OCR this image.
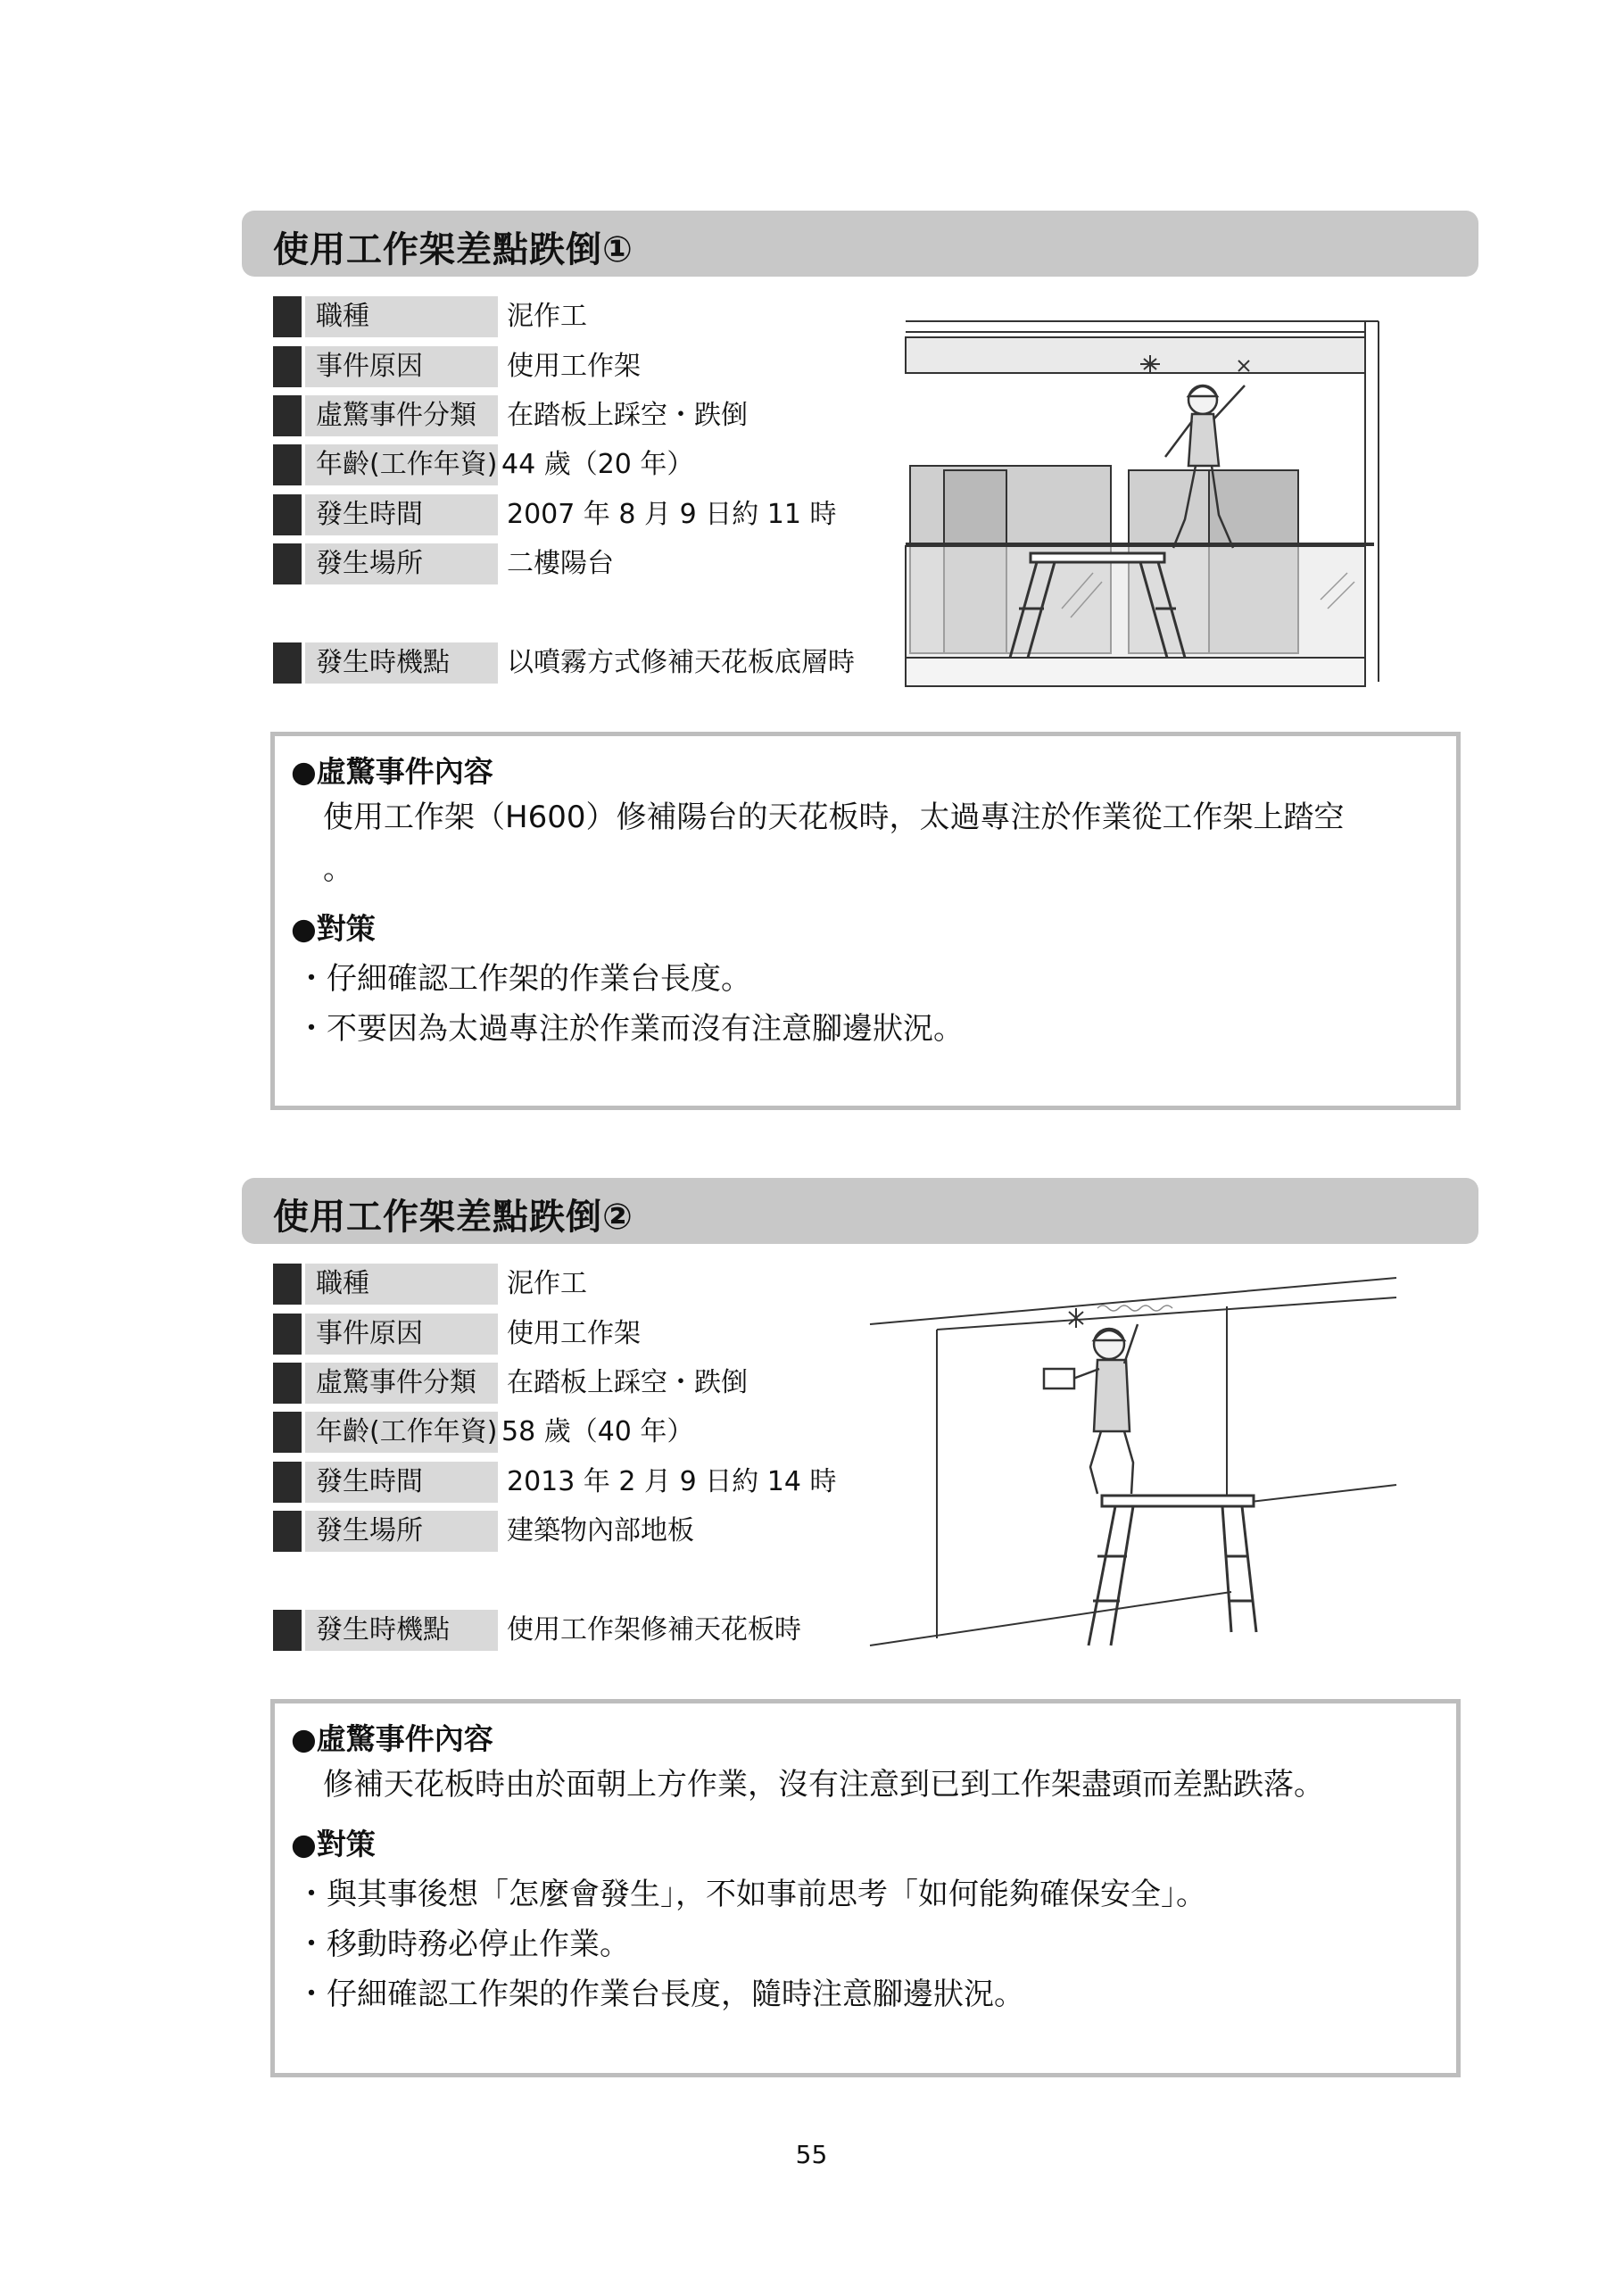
使用工作架差點跌倒①
職種	泥作工
事件原因	使用工作架
虛驚事件分類	在踏板上踩空・跌倒
年齡(工作年資) 44 歲（20 年）
發生時間	2007 年 8 月 9 日約 11 時
發生場所	二樓陽台
發生時機點	以噴霧方式修補天花板底層時
●虛驚事件內容
使用工作架（H600）修補陽台的天花板時，太過專注於作業從工作架上踏空
。
●對策
・仔細確認工作架的作業台長度。
・不要因為太過專注於作業而沒有注意腳邊狀況。
使用工作架差點跌倒②
職種	泥作工
事件原因	使用工作架
虛驚事件分類	在踏板上踩空・跌倒
年齡(工作年資) 58 歲（40 年）
發生時間	2013 年 2 月 9 日約 14 時
發生場所	建築物內部地板
發生時機點	使用工作架修補天花板時
●虛驚事件內容
修補天花板時由於面朝上方作業，沒有注意到已到工作架盡頭而差點跌落。
●對策
・與其事後想「怎麼會發生」，不如事前思考「如何能夠確保安全」。
・移動時務必停止作業。
・仔細確認工作架的作業台長度，隨時注意腳邊狀況。
55
